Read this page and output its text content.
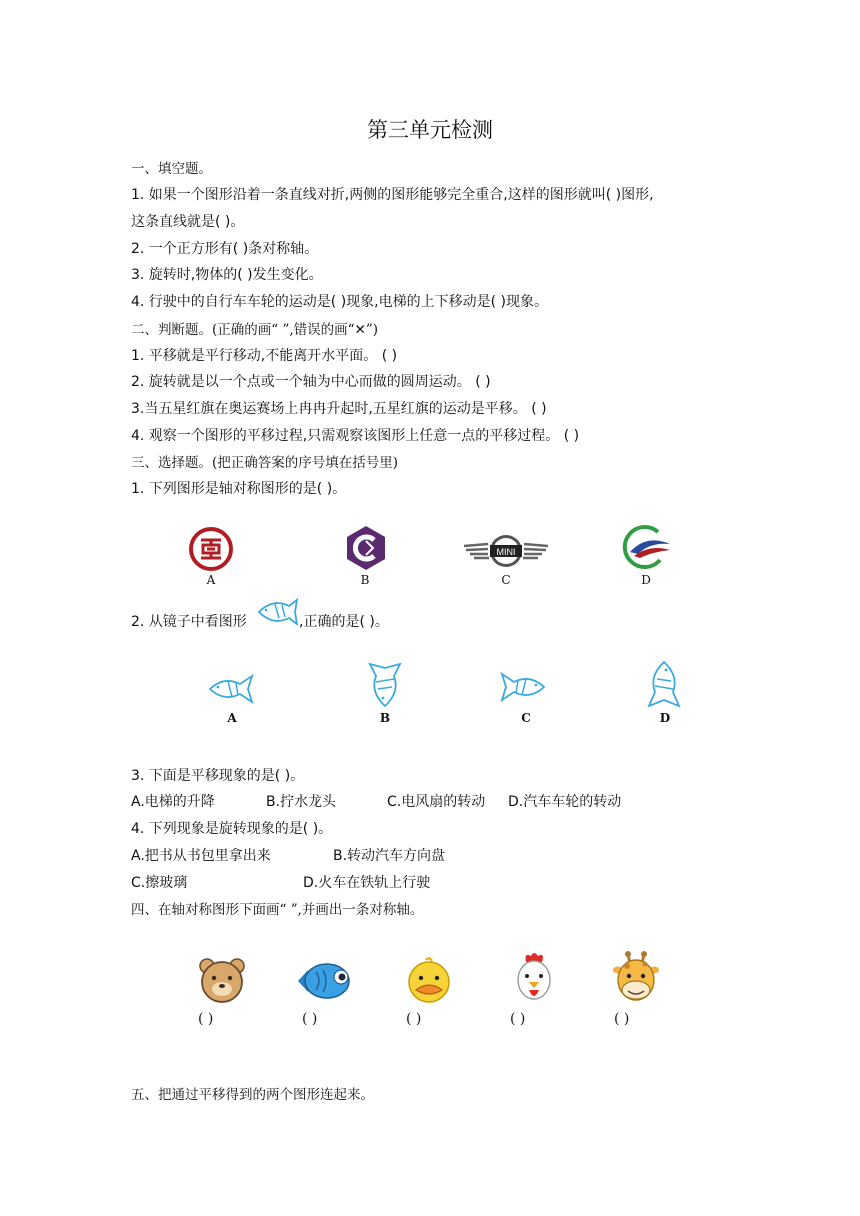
第三单元检测
一、填空题。
1. 如果一个图形沿着一条直线对折,两侧的图形能够完全重合,这样的图形就叫( )图形,
这条直线就是( )。
2. 一个正方形有( )条对称轴。
3. 旋转时,物体的( )发生变化。
4. 行驶中的自行车车轮的运动是( )现象,电梯的上下移动是( )现象。
二、判断题。(正确的画“ ”,错误的画“✕”)
1. 平移就是平行移动,不能离开水平面。 ( )
2. 旋转就是以一个点或一个轴为中心而做的圆周运动。 ( )
3.当五星红旗在奥运赛场上冉冉升起时,五星红旗的运动是平移。 ( )
4. 观察一个图形的平移过程,只需观察该图形上任意一点的平移过程。 ( )
三、选择题。(把正确答案的序号填在括号里)
1. 下列图形是轴对称图形的是( )。
A	B
MINI
C	D
2. 从镜子中看图形	,正确的是( )。
A	B	C	D
3. 下面是平移现象的是( )。
A.电梯的升降	B.拧水龙头	C.电风扇的转动 D.汽车车轮的转动
4. 下列现象是旋转现象的是( )。
A.把书从书包里拿出来	B.转动汽车方向盘
C.擦玻璃	D.火车在铁轨上行驶
四、在轴对称图形下面画“ ”,并画出一条对称轴。
( )	( )	( )	( )	( )
五、把通过平移得到的两个图形连起来。
